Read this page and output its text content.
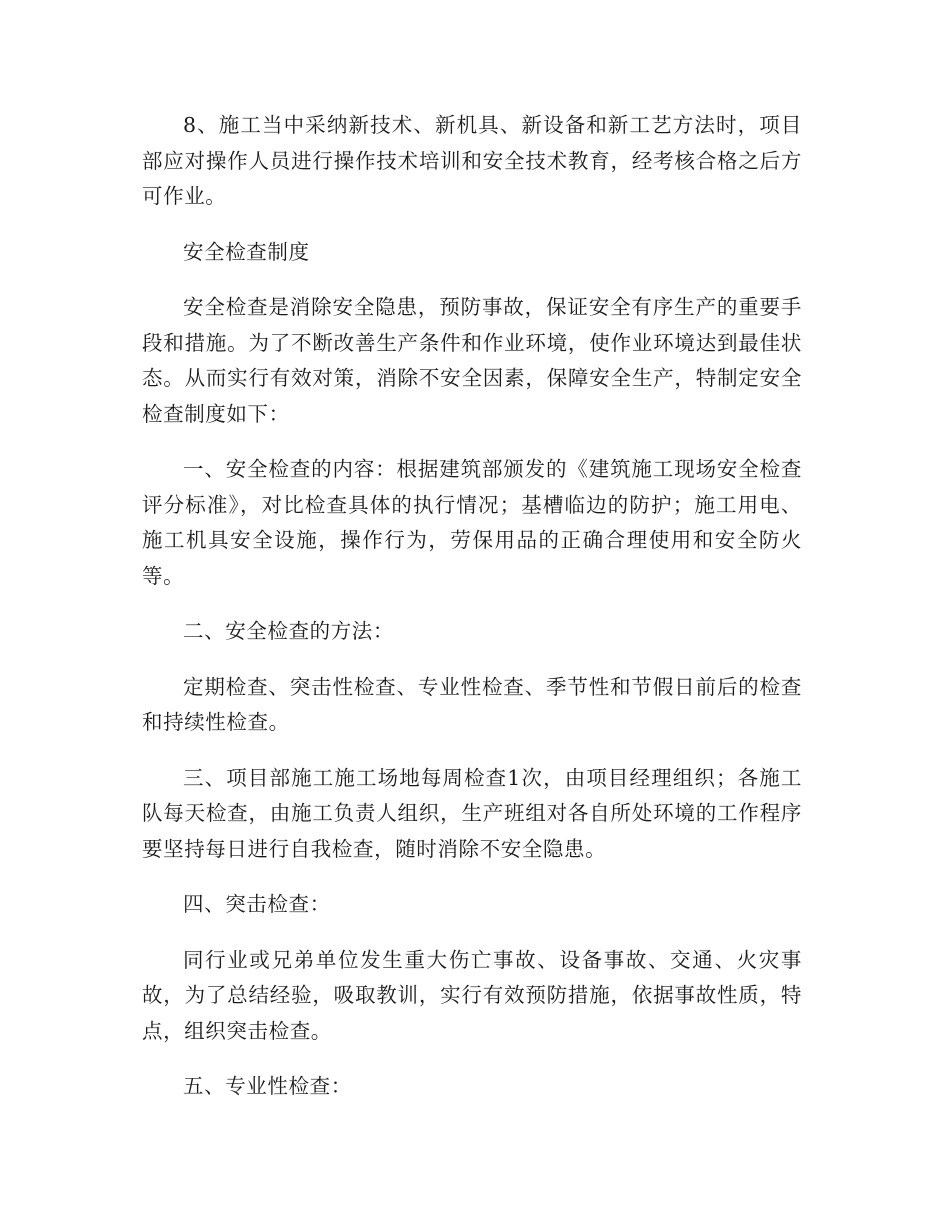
8、施工当中采纳新技术、新机具、新设备和新工艺方法时，项目部应对操作人员进行操作技术培训和安全技术教育，经考核合格之后方可作业。

安全检查制度

安全检查是消除安全隐患，预防事故，保证安全有序生产的重要手段和措施。为了不断改善生产条件和作业环境，使作业环境达到最佳状态。从而实行有效对策，消除不安全因素，保障安全生产，特制定安全检查制度如下：

一、安全检查的内容：根据建筑部颁发的《建筑施工现场安全检查评分标准》，对比检查具体的执行情况；基槽临边的防护；施工用电、施工机具安全设施，操作行为，劳保用品的正确合理使用和安全防火等。

二、安全检查的方法：

定期检查、突击性检查、专业性检查、季节性和节假日前后的检查和持续性检查。

三、项目部施工施工场地每周检查1次，由项目经理组织；各施工队每天检查，由施工负责人组织，生产班组对各自所处环境的工作程序要坚持每日进行自我检查，随时消除不安全隐患。

四、突击检查：

同行业或兄弟单位发生重大伤亡事故、设备事故、交通、火灾事故，为了总结经验，吸取教训，实行有效预防措施，依据事故性质，特点，组织突击检查。

五、专业性检查：
